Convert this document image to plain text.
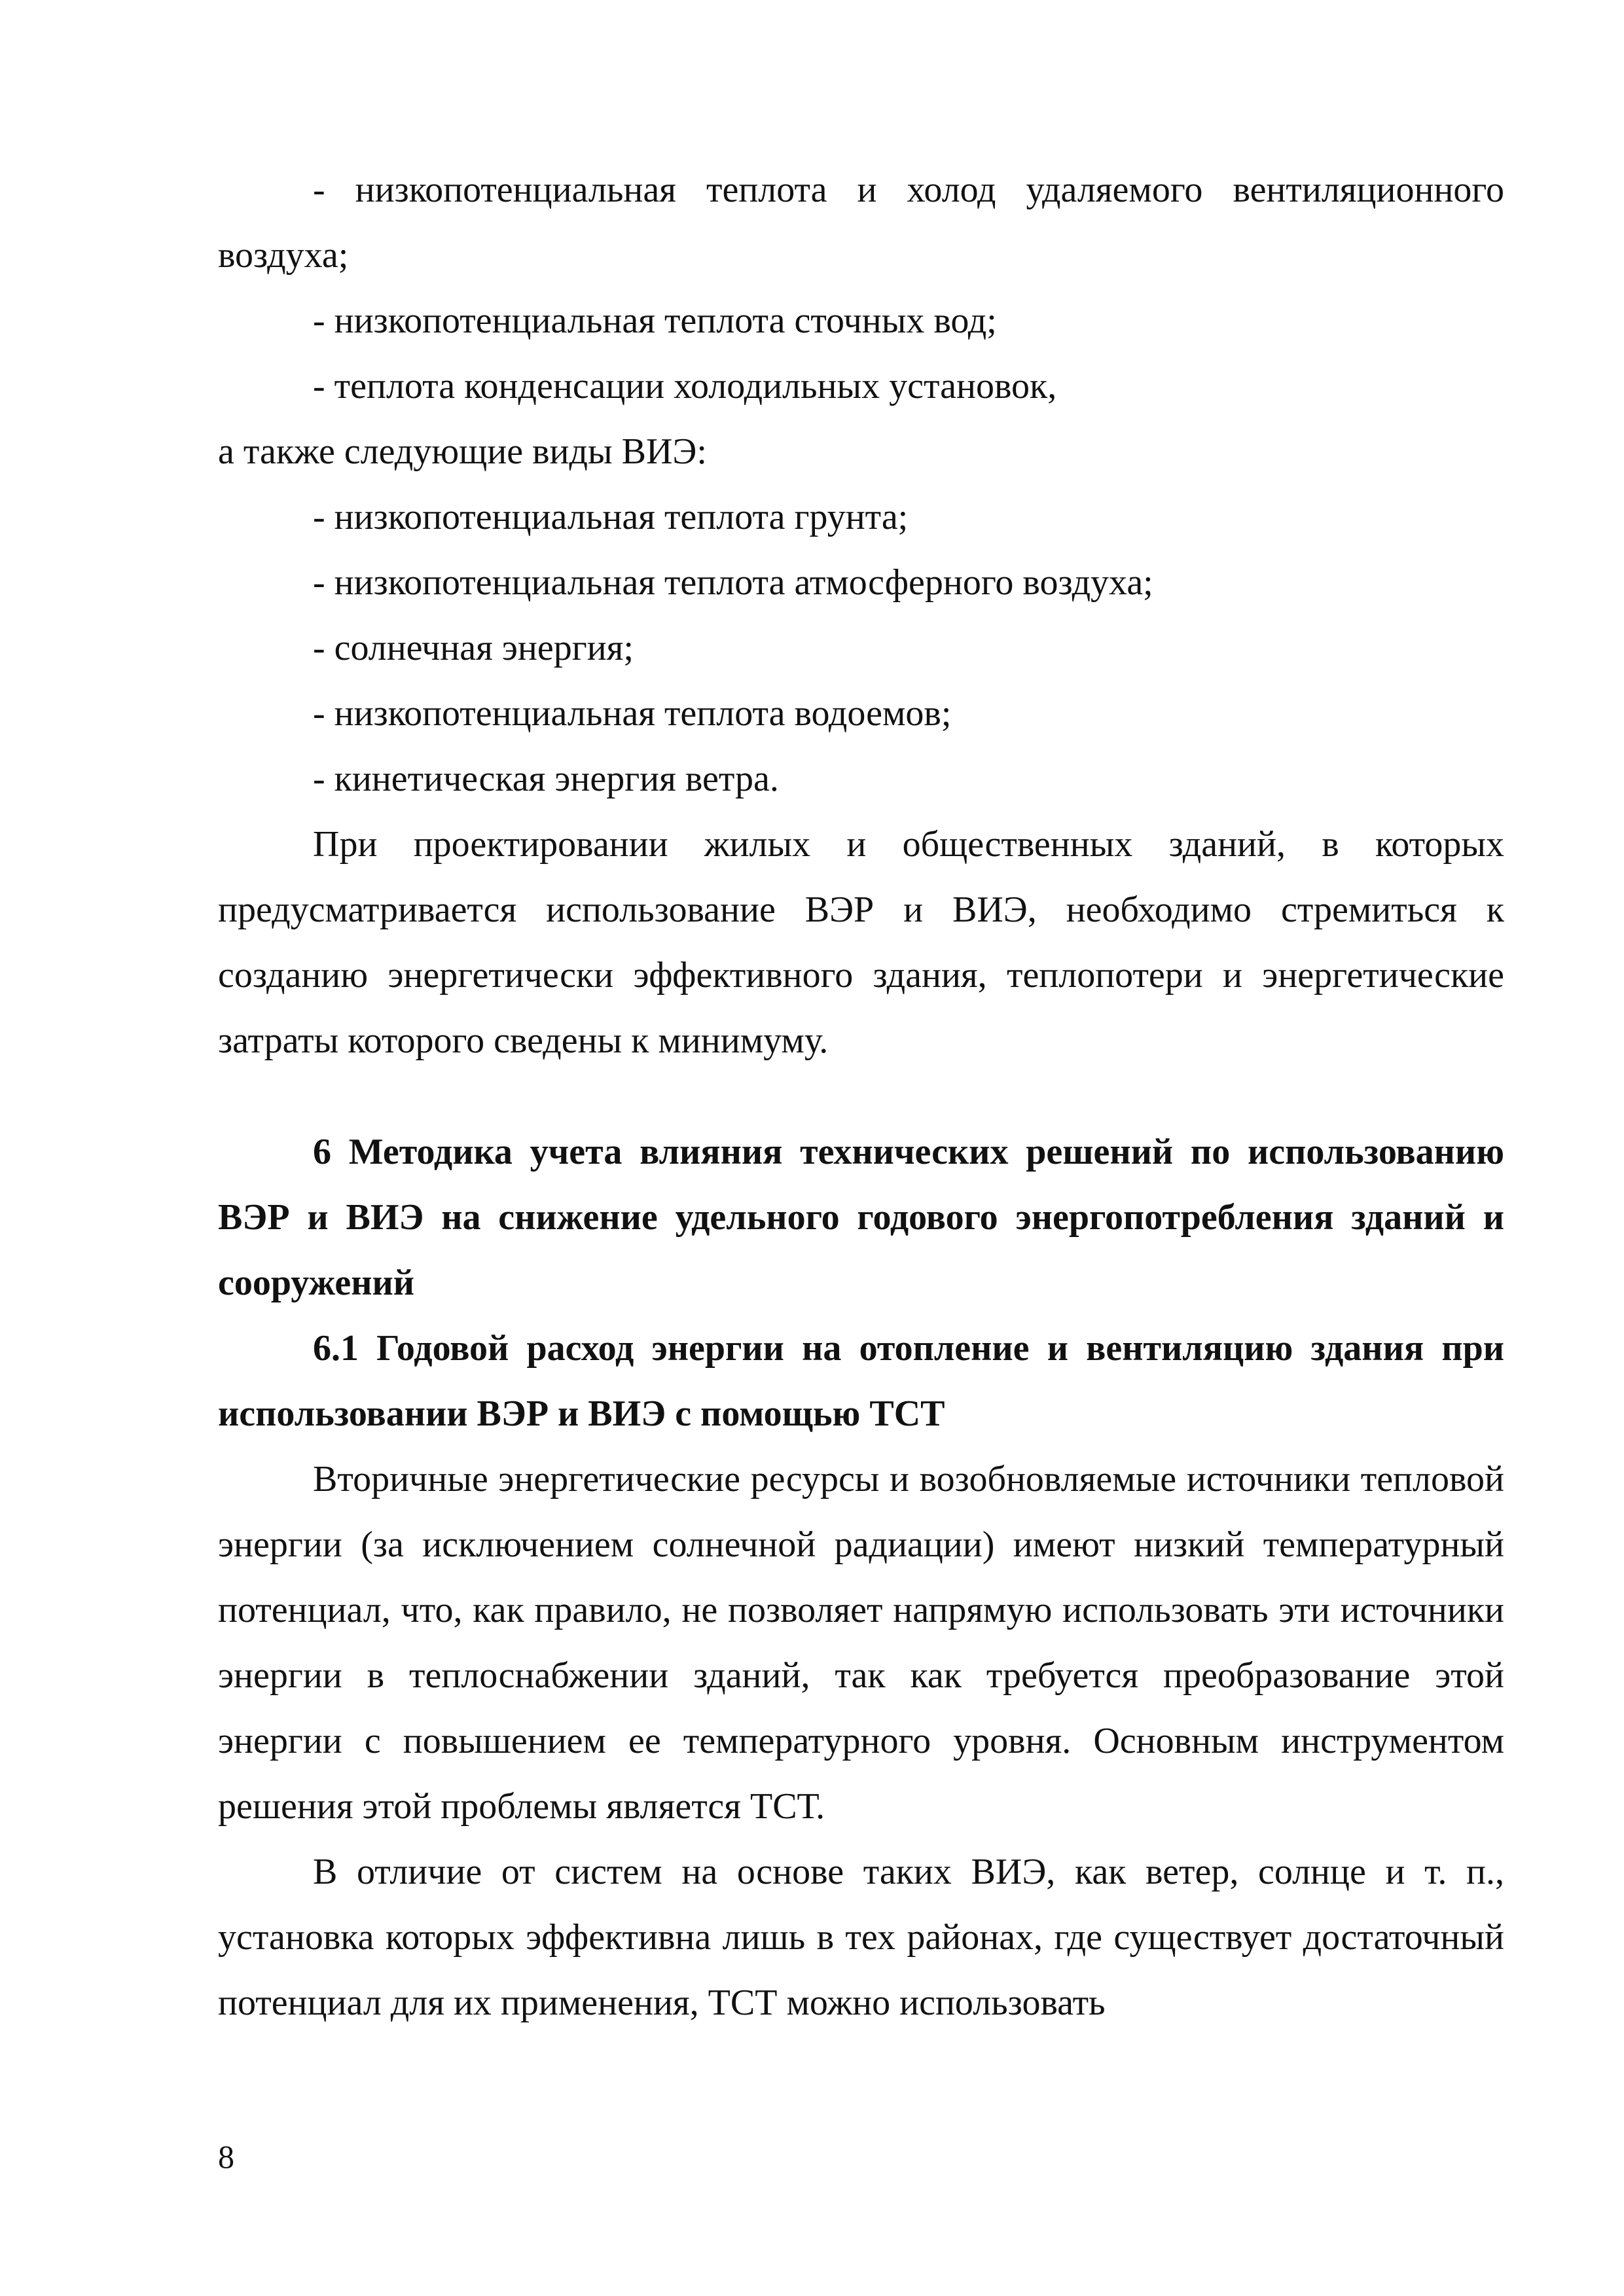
- низкопотенциальная теплота и холод удаляемого вентиляционного воздуха;

- низкопотенциальная теплота сточных вод;

- теплота конденсации холодильных установок,

а также следующие виды ВИЭ:

- низкопотенциальная теплота грунта;

- низкопотенциальная теплота атмосферного воздуха;

- солнечная энергия;

- низкопотенциальная теплота водоемов;

- кинетическая энергия ветра.

При проектировании жилых и общественных зданий, в которых предусматривается использование ВЭР и ВИЭ, необходимо стремиться к созданию энергетически эффективного здания, теплопотери и энергетические затраты которого сведены к минимуму.

6 Методика учета влияния технических решений по использованию ВЭР и ВИЭ на снижение удельного годового энергопотребления зданий и сооружений

6.1 Годовой расход энергии на отопление и вентиляцию здания при использовании ВЭР и ВИЭ с помощью ТСТ

Вторичные энергетические ресурсы и возобновляемые источники тепловой энергии (за исключением солнечной радиации) имеют низкий температурный потенциал, что, как правило, не позволяет напрямую использовать эти источники энергии в теплоснабжении зданий, так как требуется преобразование этой энергии с повышением ее температурного уровня. Основным инструментом решения этой проблемы является ТСТ.

В отличие от систем на основе таких ВИЭ, как ветер, солнце и т. п., установка которых эффективна лишь в тех районах, где существует достаточный потенциал для их применения, ТСТ можно использовать

8
